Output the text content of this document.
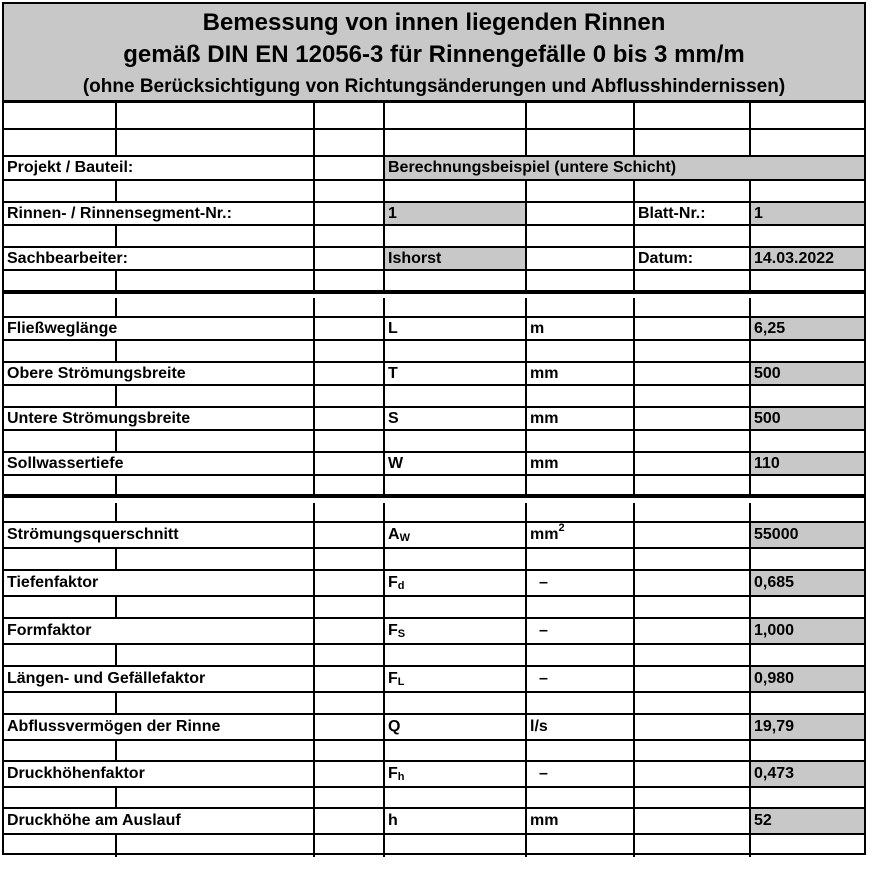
Bemessung von innen liegenden Rinnen
gemäß DIN EN 12056-3 für Rinnengefälle 0 bis 3 mm/m
(ohne Berücksichtigung von Richtungsänderungen und Abflusshindernissen)
Projekt / Bauteil:	Berechnungsbeispiel (untere Schicht)
Rinnen- / Rinnensegment-Nr.:	1	Blatt-Nr.:	1
Sachbearbeiter:	Ishorst	Datum:	14.03.2022
Fließweglänge	L	m	6,25
Obere Strömungsbreite	T	mm	500
Untere Strömungsbreite	S	mm	500
Sollwassertiefe	W	mm	110
Strömungsquerschnitt	$A_W$	$mm^2$	55000
Tiefenfaktor	$F_d$	–	0,685
Formfaktor	$F_S$	–	1,000
Längen- und Gefällefaktor	$F_L$	–	0,980
Abflussvermögen der Rinne	Q	l/s	19,79
Druckhöhenfaktor	$F_h$	–	0,473
Druckhöhe am Auslauf	h	mm	52
